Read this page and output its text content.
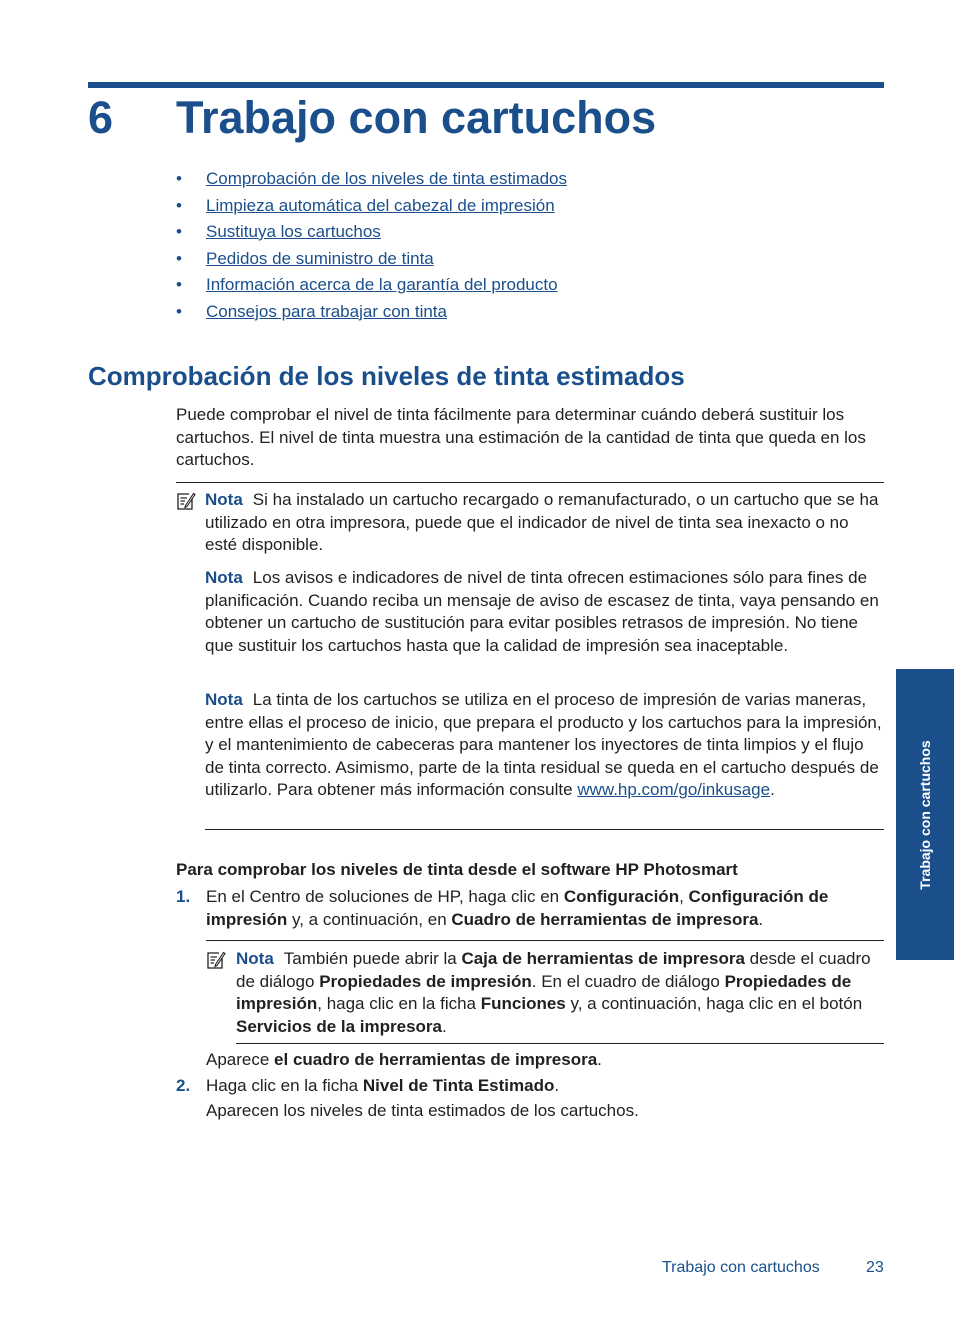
6 Trabajo con cartuchos
• Comprobación de los niveles de tinta estimados
• Limpieza automática del cabezal de impresión
• Sustituya los cartuchos
• Pedidos de suministro de tinta
• Información acerca de la garantía del producto
• Consejos para trabajar con tinta
Comprobación de los niveles de tinta estimados

Puede comprobar el nivel de tinta fácilmente para determinar cuándo deberá sustituir los cartuchos. El nivel de tinta muestra una estimación de la cantidad de tinta que queda en los cartuchos.

Nota Si ha instalado un cartucho recargado o remanufacturado, o un cartucho que se ha utilizado en otra impresora, puede que el indicador de nivel de tinta sea inexacto o no esté disponible.

Nota Los avisos e indicadores de nivel de tinta ofrecen estimaciones sólo para fines de planificación. Cuando reciba un mensaje de aviso de escasez de tinta, vaya pensando en obtener un cartucho de sustitución para evitar posibles retrasos de impresión. No tiene que sustituir los cartuchos hasta que la calidad de impresión sea inaceptable.

Nota La tinta de los cartuchos se utiliza en el proceso de impresión de varias maneras, entre ellas el proceso de inicio, que prepara el producto y los cartuchos para la impresión, y el mantenimiento de cabeceras para mantener los inyectores de tinta limpios y el flujo de tinta correcto. Asimismo, parte de la tinta residual se queda en el cartucho después de utilizarlo. Para obtener más información consulte www.hp.com/go/inkusage.

Para comprobar los niveles de tinta desde el software HP Photosmart
1. En el Centro de soluciones de HP, haga clic en Configuración, Configuración de impresión y, a continuación, en Cuadro de herramientas de impresora.

Nota También puede abrir la Caja de herramientas de impresora desde el cuadro de diálogo Propiedades de impresión. En el cuadro de diálogo Propiedades de impresión, haga clic en la ficha Funciones y, a continuación, haga clic en el botón Servicios de la impresora.

Aparece el cuadro de herramientas de impresora.

2. Haga clic en la ficha Nivel de Tinta Estimado.

Aparecen los niveles de tinta estimados de los cartuchos.

Trabajo con cartuchos
Trabajo con cartuchos	23
